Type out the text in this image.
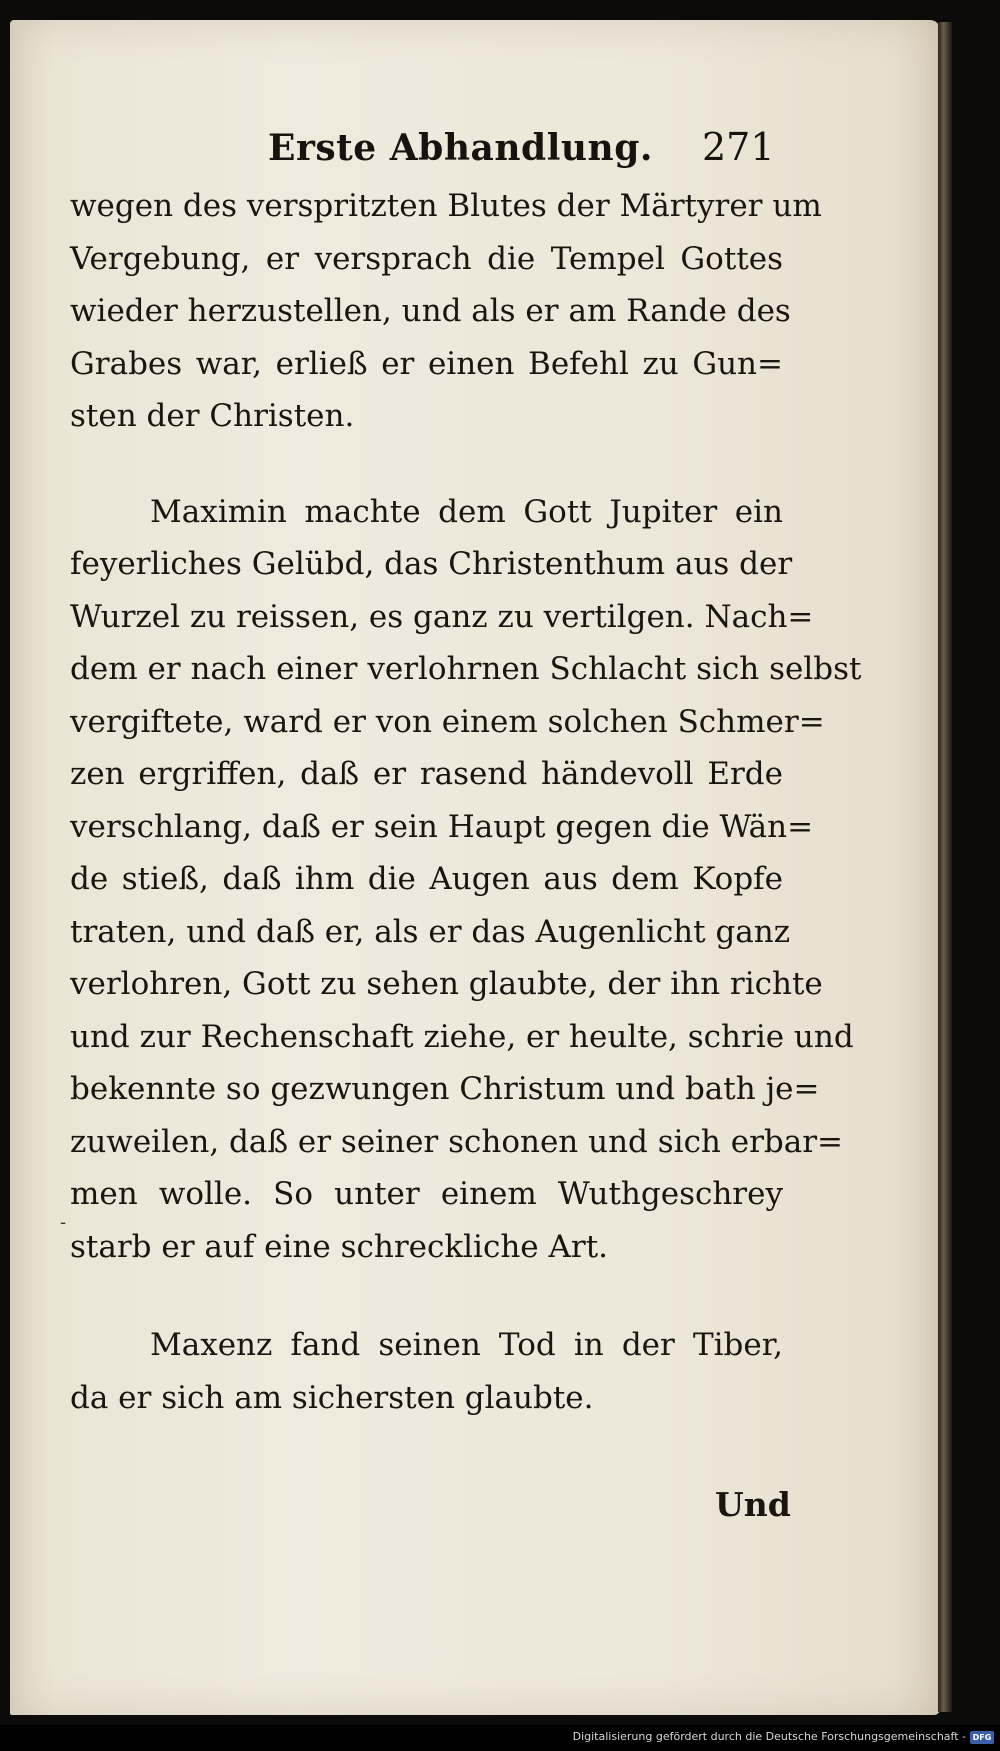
Erste Abhandlung. 271
wegen des verspritzten Blutes der Märtyrer um
Vergebung, er versprach die Tempel Gottes
wieder herzustellen, und als er am Rande des
Grabes war, erließ er einen Befehl zu Gun=
sten der Christen.
Maximin machte dem Gott Jupiter ein
feyerliches Gelübd, das Christenthum aus der
Wurzel zu reissen, es ganz zu vertilgen. Nach=
dem er nach einer verlohrnen Schlacht sich selbst
vergiftete, ward er von einem solchen Schmer=
zen ergriffen, daß er rasend händevoll Erde
verschlang, daß er sein Haupt gegen die Wän=
de stieß, daß ihm die Augen aus dem Kopfe
traten, und daß er, als er das Augenlicht ganz
verlohren, Gott zu sehen glaubte, der ihn richte
und zur Rechenschaft ziehe, er heulte, schrie und
bekennte so gezwungen Christum und bath je=
zuweilen, daß er seiner schonen und sich erbar=
men wolle. So unter einem Wuthgeschrey
starb er auf eine schreckliche Art.
Maxenz fand seinen Tod in der Tiber,
da er sich am sichersten glaubte.
-
Und
Digitalisierung gefördert durch die Deutsche Forschungsgemeinschaft - DFG
